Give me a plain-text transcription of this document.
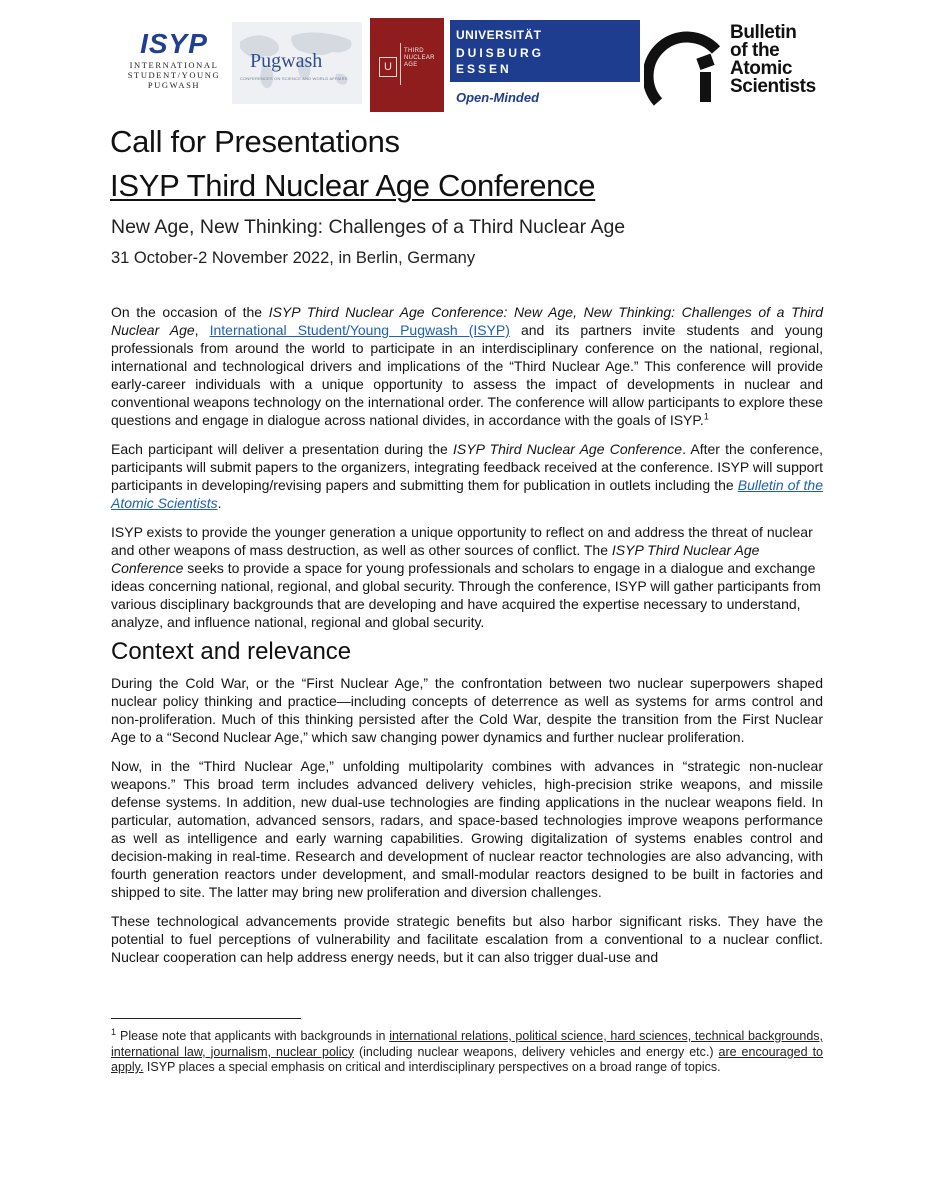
ISYP
INTERNATIONAL
STUDENT/YOUNG
PUGWASH
Pugwash
CONFERENCES ON SCIENCE AND WORLD AFFAIRS
U
THIRD
NUCLEAR
AGE
UNIVERSITÄT
DUISBURG
ESSEN
Open-Minded
Bulletin
of the
Atomic
Scientists
Call for Presentations
ISYP Third Nuclear Age Conference
New Age, New Thinking: Challenges of a Third Nuclear Age
31 October-2 November 2022, in Berlin, Germany

On the occasion of the ISYP Third Nuclear Age Conference: New Age, New Thinking: Challenges of a Third Nuclear Age, International Student/Young Pugwash (ISYP) and its partners invite students and young professionals from around the world to participate in an interdisciplinary conference on the national, regional, international and technological drivers and implications of the “Third Nuclear Age.” This conference will provide early-career individuals with a unique opportunity to assess the impact of developments in nuclear and conventional weapons technology on the international order. The conference will allow participants to explore these questions and engage in dialogue across national divides, in accordance with the goals of ISYP.$^1$

Each participant will deliver a presentation during the ISYP Third Nuclear Age Conference. After the conference, participants will submit papers to the organizers, integrating feedback received at the conference. ISYP will support participants in developing/revising papers and submitting them for publication in outlets including the Bulletin of the Atomic Scientists.

ISYP exists to provide the younger generation a unique opportunity to reflect on and address the threat of nuclear and other weapons of mass destruction, as well as other sources of conflict. The ISYP Third Nuclear Age Conference seeks to provide a space for young professionals and scholars to engage in a dialogue and exchange ideas concerning national, regional, and global security. Through the conference, ISYP will gather participants from various disciplinary backgrounds that are developing and have acquired the expertise necessary to understand, analyze, and influence national, regional and global security.

Context and relevance

During the Cold War, or the “First Nuclear Age,” the confrontation between two nuclear superpowers shaped nuclear policy thinking and practice—including concepts of deterrence as well as systems for arms control and non-proliferation. Much of this thinking persisted after the Cold War, despite the transition from the First Nuclear Age to a “Second Nuclear Age,” which saw changing power dynamics and further nuclear proliferation.

Now, in the “Third Nuclear Age,” unfolding multipolarity combines with advances in “strategic non-nuclear weapons.” This broad term includes advanced delivery vehicles, high-precision strike weapons, and missile defense systems. In addition, new dual-use technologies are finding applications in the nuclear weapons field. In particular, automation, advanced sensors, radars, and space-based technologies improve weapons performance as well as intelligence and early warning capabilities. Growing digitalization of systems enables control and decision-making in real-time. Research and development of nuclear reactor technologies are also advancing, with fourth generation reactors under development, and small-modular reactors designed to be built in factories and shipped to site. The latter may bring new proliferation and diversion challenges.

These technological advancements provide strategic benefits but also harbor significant risks. They have the potential to fuel perceptions of vulnerability and facilitate escalation from a conventional to a nuclear conflict. Nuclear cooperation can help address energy needs, but it can also trigger dual-use and

$^1$ Please note that applicants with backgrounds in international relations, political science, hard sciences, technical backgrounds, international law, journalism, nuclear policy (including nuclear weapons, delivery vehicles and energy etc.) are encouraged to apply. ISYP places a special emphasis on critical and interdisciplinary perspectives on a broad range of topics.
